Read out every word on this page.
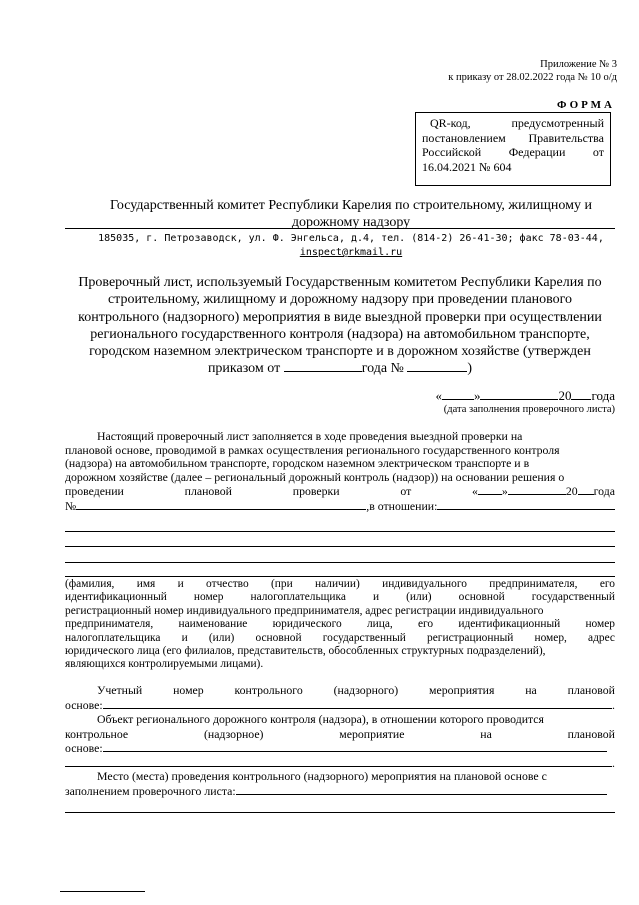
Приложение № 3
к приказу от 28.02.2022 года № 10 о/д
ФОРМА
QR-код,	предусмотренный
постановлением Правительства
Российской Федерации от
16.04.2021 № 604
Государственный комитет Республики Карелия по строительному, жилищному и
дорожному надзору
185035, г. Петрозаводск, ул. Ф. Энгельса, д.4, тел. (814-2) 26-41-30; факс 78-03-44,
inspect@rkmail.ru
Проверочный лист, используемый Государственным комитетом Республики Карелия по
строительному, жилищному и дорожному надзору при проведении планового
контрольного (надзорного) мероприятия в виде выездной проверки при осуществлении
регионального государственного контроля (надзора) на автомобильном транспорте,
городском наземном электрическом транспорте и в дорожном хозяйстве (утвержден
приказом от	года №	)
« »	20 года
(дата заполнения проверочного листа)
Настоящий проверочный лист заполняется в ходе проведения выездной проверки на
плановой основе, проводимой в рамках осуществления регионального государственного контроля
(надзора) на автомобильном транспорте, городском наземном электрическом транспорте и в
дорожном хозяйстве (далее – региональный дорожный контроль (надзор)) на основании решения о
проведении	плановой	проверки	от	« »	20 года
№	,в отношении:
(фамилия, имя и отчество (при наличии) индивидуального предпринимателя, его
идентификационный номер налогоплательщика и (или) основной государственный
регистрационный номер индивидуального предпринимателя, адрес регистрации индивидуального
предпринимателя, наименование юридического лица, его идентификационный номер
налогоплательщика и (или) основной государственный регистрационный номер, адрес
юридического лица (его филиалов, представительств, обособленных структурных подразделений),
являющихся контролируемыми лицами).
Учетный	номер	контрольного	(надзорного)	мероприятия	на	плановой
основе:	.
Объект регионального дорожного контроля (надзора), в отношении которого проводится
контрольное	(надзорное)	мероприятие	на	плановой
основе:
.
Место (места) проведения контрольного (надзорного) мероприятия на плановой основе с
заполнением проверочного листа:
